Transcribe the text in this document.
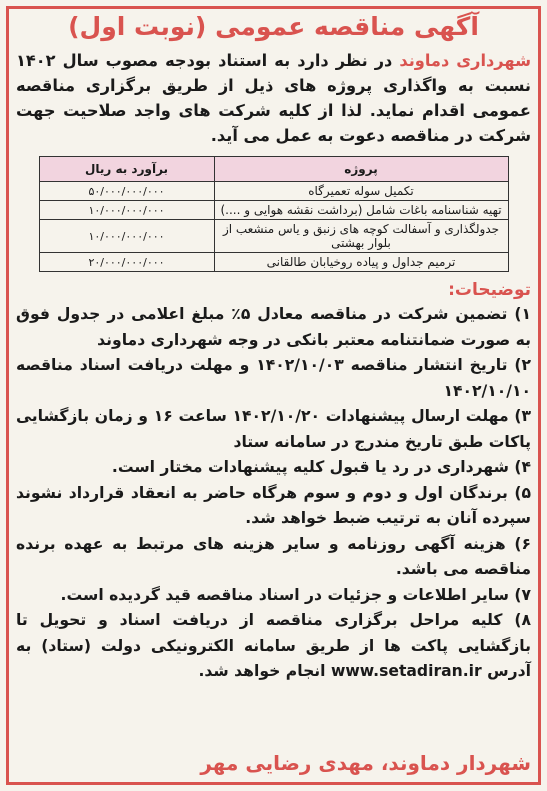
آگهی مناقصه عمومی (نوبت اول)

شهرداری دماوند در نظر دارد به استناد بودجه مصوب سال ۱۴۰۲ نسبت به واگذاری پروژه های ذیل از طریق برگزاری مناقصه عمومی اقدام نماید. لذا از کلیه شرکت های واجد صلاحیت جهت شرکت در مناقصه دعوت به عمل می آید.

پروژه	برآورد به ریال
تکمیل سوله تعمیرگاه	۵۰/۰۰۰/۰۰۰/۰۰۰
تهیه شناسنامه باغات شامل (برداشت نقشه هوایی و ....)	۱۰/۰۰۰/۰۰۰/۰۰۰
جدولگذاری و آسفالت کوچه های زنبق و یاس منشعب از بلوار بهشتی	۱۰/۰۰۰/۰۰۰/۰۰۰
ترمیم جداول و پیاده روخیابان طالقانی	۲۰/۰۰۰/۰۰۰/۰۰۰
توضیحات:
۱) تضمین شرکت در مناقصه معادل ۵٪ مبلغ اعلامی در جدول فوق به صورت ضمانتنامه معتبر بانکی در وجه شهرداری دماوند
۲) تاریخ انتشار مناقصه ۱۴۰۲/۱۰/۰۳ و مهلت دریافت اسناد مناقصه ۱۴۰۲/۱۰/۱۰
۳) مهلت ارسال پیشنهادات ۱۴۰۲/۱۰/۲۰ ساعت ۱۶ و زمان بازگشایی پاکات طبق تاریخ مندرج در سامانه ستاد
۴) شهرداری در رد یا قبول کلیه پیشنهادات مختار است.
۵) برندگان اول و دوم و سوم هرگاه حاضر به انعقاد قرارداد نشوند سپرده آنان به ترتیب ضبط خواهد شد.
۶) هزینه آگهی روزنامه و سایر هزینه های مرتبط به عهده برنده مناقصه می باشد.
۷) سایر اطلاعات و جزئیات در اسناد مناقصه قید گردیده است.
۸) کلیه مراحل برگزاری مناقصه از دریافت اسناد و تحویل تا بازگشایی پاکت ها از طریق سامانه الکترونیکی دولت (ستاد) به آدرس www.setadiran.ir انجام خواهد شد.
شهردار دماوند، مهدی رضایی مهر
